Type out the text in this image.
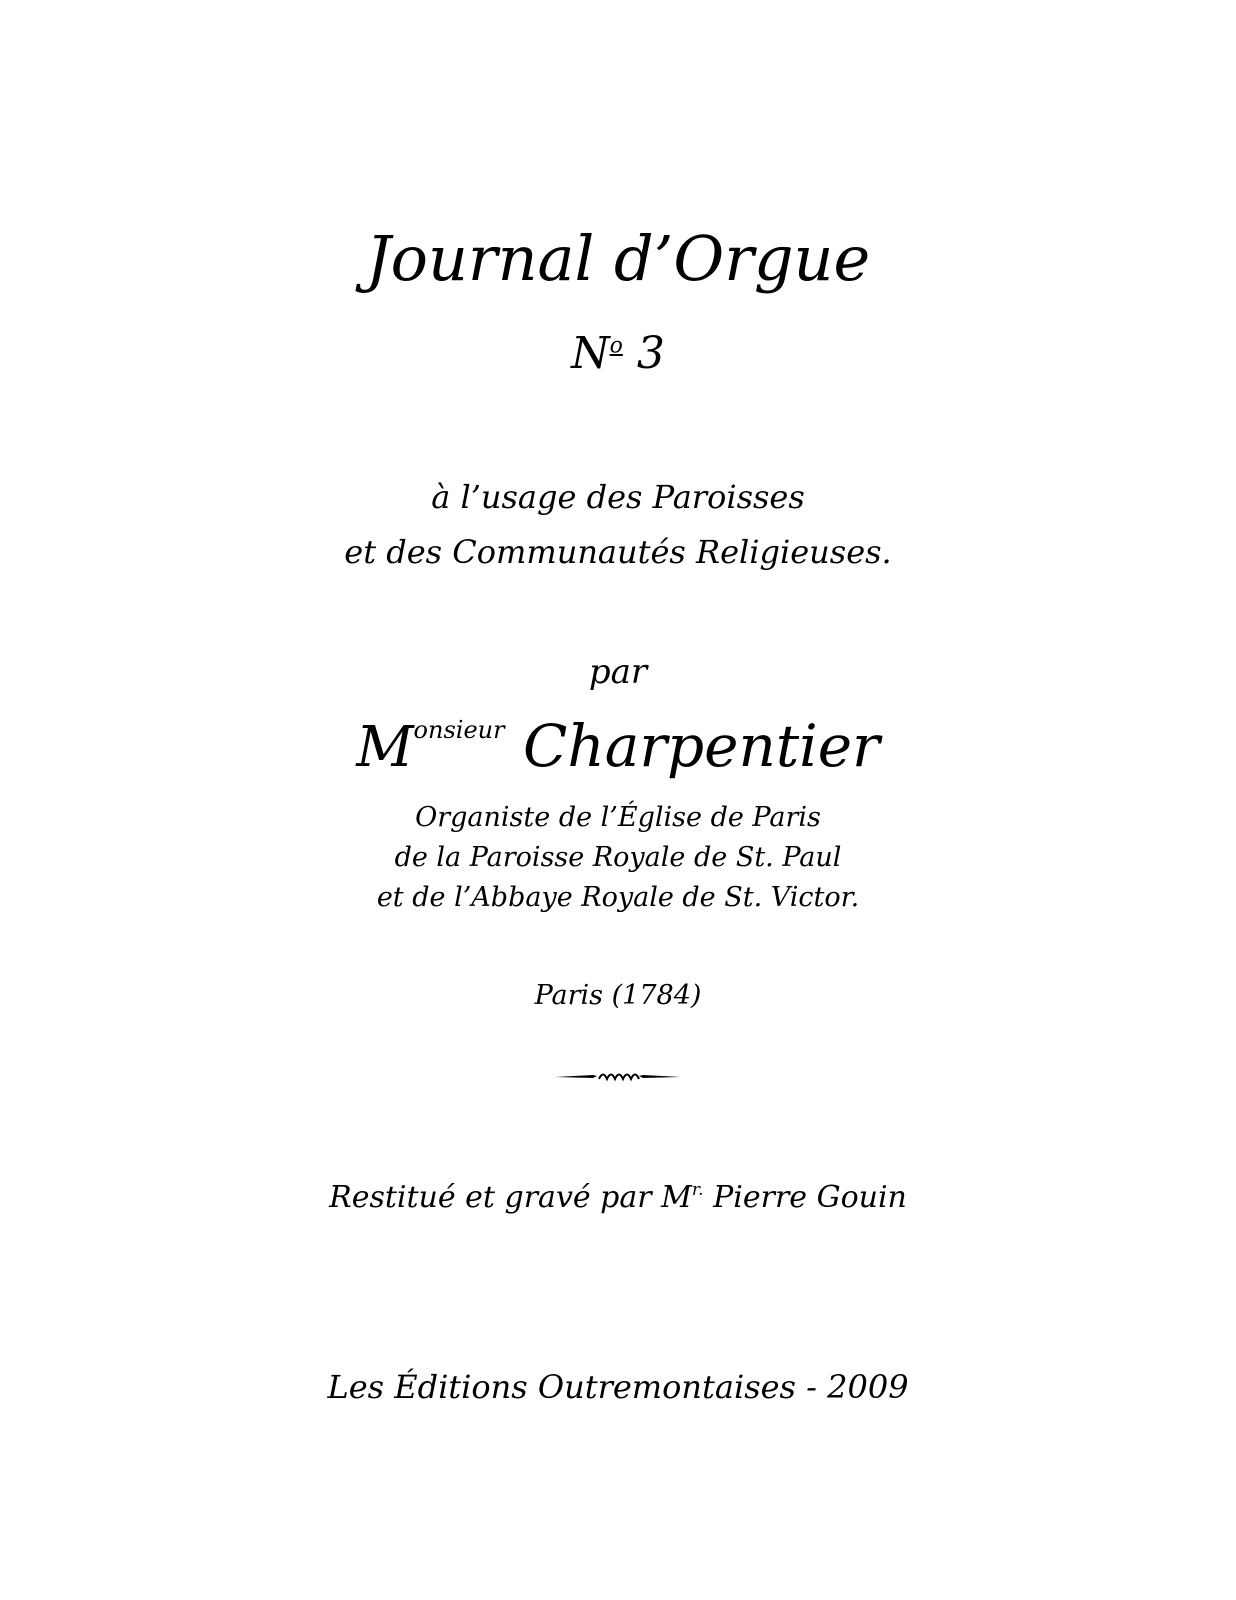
Journal d’Orgue
$N^o$ 3
à l’usage des Paroisses
et des Communautés Religieuses.
par
$M^{onsieur}$ Charpentier
Organiste de l’Église de Paris
de la Paroisse Royale de St. Paul
et de l’Abbaye Royale de St. Victor.
Paris (1784)
Restitué et gravé par $M^{r.}$ Pierre Gouin
Les Éditions Outremontaises - 2009
